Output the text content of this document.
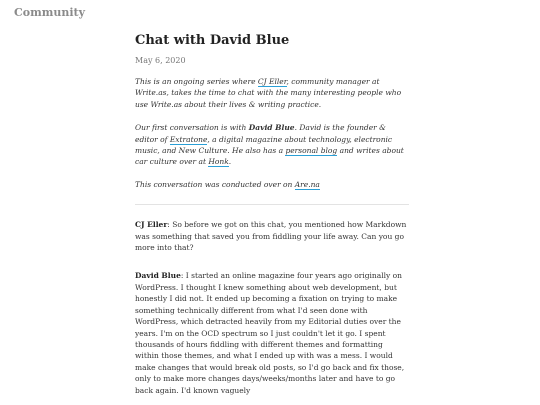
Community
Chat with David Blue
May 6, 2020

This is an ongoing series where CJ Eller, community manager at Write.as, takes the time to chat with the many interesting people who use Write.as about their lives & writing practice.

Our first conversation is with David Blue. David is the founder & editor of Extratone, a digital magazine about technology, electronic music, and New Culture. He also has a personal blog and writes about car culture over at Honk.

This conversation was conducted over on Are.na

CJ Eller: So before we got on this chat, you mentioned how Markdown was something that saved you from fiddling your life away. Can you go more into that?

David Blue: I started an online magazine four years ago originally on WordPress. I thought I knew something about web development, but honestly I did not. It ended up becoming a fixation on trying to make something technically different from what I'd seen done with WordPress, which detracted heavily from my Editorial duties over the years. I'm on the OCD spectrum so I just couldn't let it go. I spent thousands of hours fiddling with different themes and formatting within those themes, and what I ended up with was a mess. I would make changes that would break old posts, so I'd go back and fix those, only to make more changes days/weeks/months later and have to go back again. I'd known vaguely
